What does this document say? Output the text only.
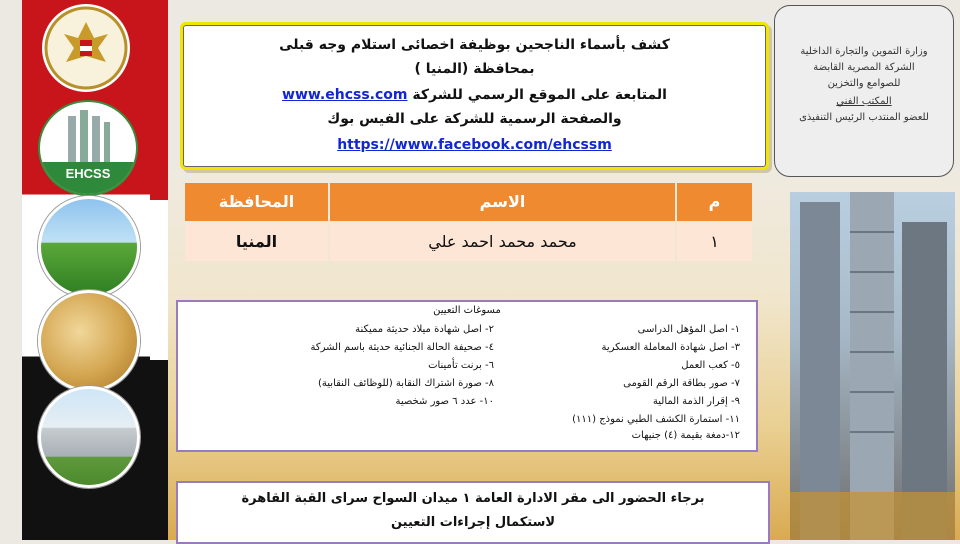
EHCSS
كشف بأسماء الناجحين بوظيفة اخصائى استلام وجه قبلى
بمحافظة (المنيا )
المتابعة على الموقع الرسمي للشركة www.ehcss.com
والصفحة الرسمية للشركة على الفيس بوك
https://www.facebook.com/ehcssm
وزارة التموين والتجارة الداخلية
الشركة المصرية القابضة
للصوامع والتخزين
المكتب الفني
للعضو المنتدب الرئيس التنفيذى
المحافظة	الاسم	م
المنيا	محمد محمد احمد علي	١
مسوغات التعيين
١- اصل المؤهل الدراسى
٣- اصل شهادة المعاملة العسكرية
٥- كعب العمل
٧- صور بطاقة الرقم القومى
٩- إقرار الذمة المالية
١١- استمارة الكشف الطبي نموذج (١١١)
١٢-دمغة بقيمة (٤) جنيهات
٢- اصل شهادة ميلاد حديثة مميكنة
٤- صحيفة الحالة الجنائية حديثة باسم الشركة
٦- برنت تأمينات
٨- صورة اشتراك النقابة (للوظائف النقابية)
١٠- عدد ٦ صور شخصية
برجاء الحضور الى مقر الادارة العامة ١ ميدان السواح سراى القبة القاهرة
لاستكمال إجراءات التعيين
